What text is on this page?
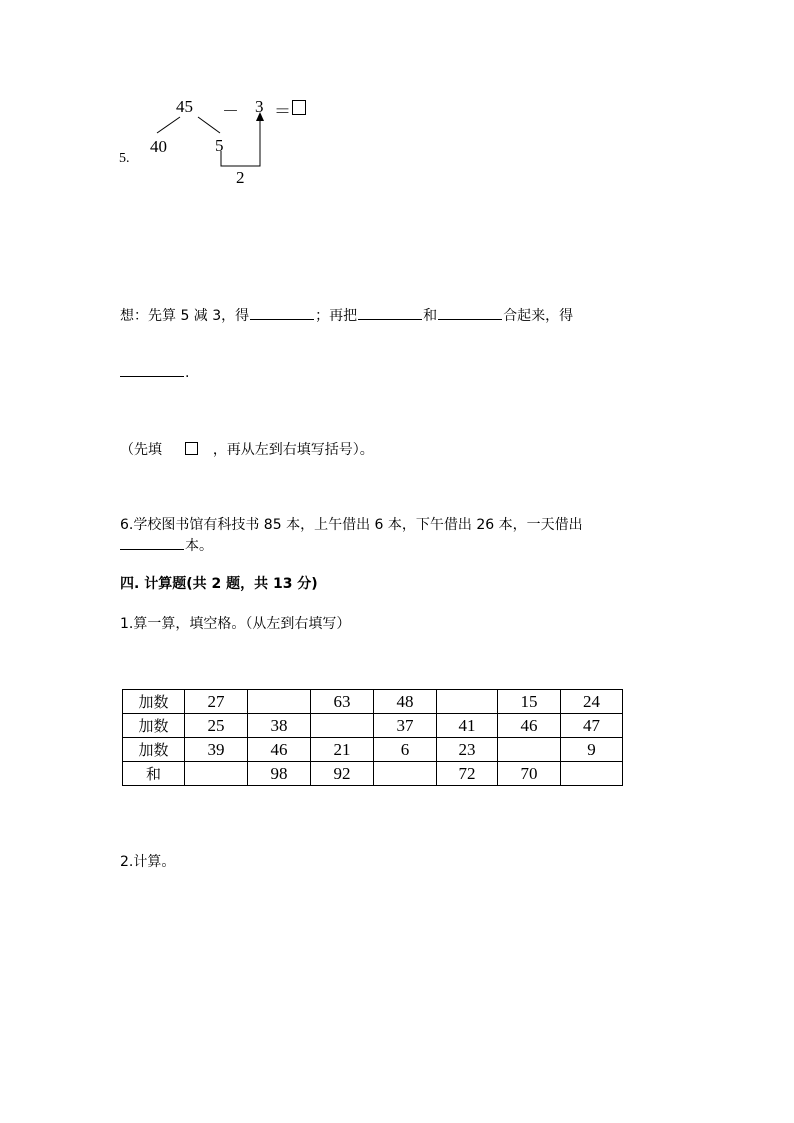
5.
45 － 3 ＝
40	5
2
想：先算 5 减 3，得	；再把	和	合起来，得
.
（先填	，再从左到右填写括号）。
6.学校图书馆有科技书 85 本，上午借出 6 本，下午借出 26 本，一天借出
本。
四. 计算题(共 2 题，共 13 分)
1.算一算，填空格。（从左到右填写）
加数	27		63	48		15	24
加数	25	38		37	41	46	47
加数	39	46	21	6	23		9
和		98	92		72	70	
2.计算。
